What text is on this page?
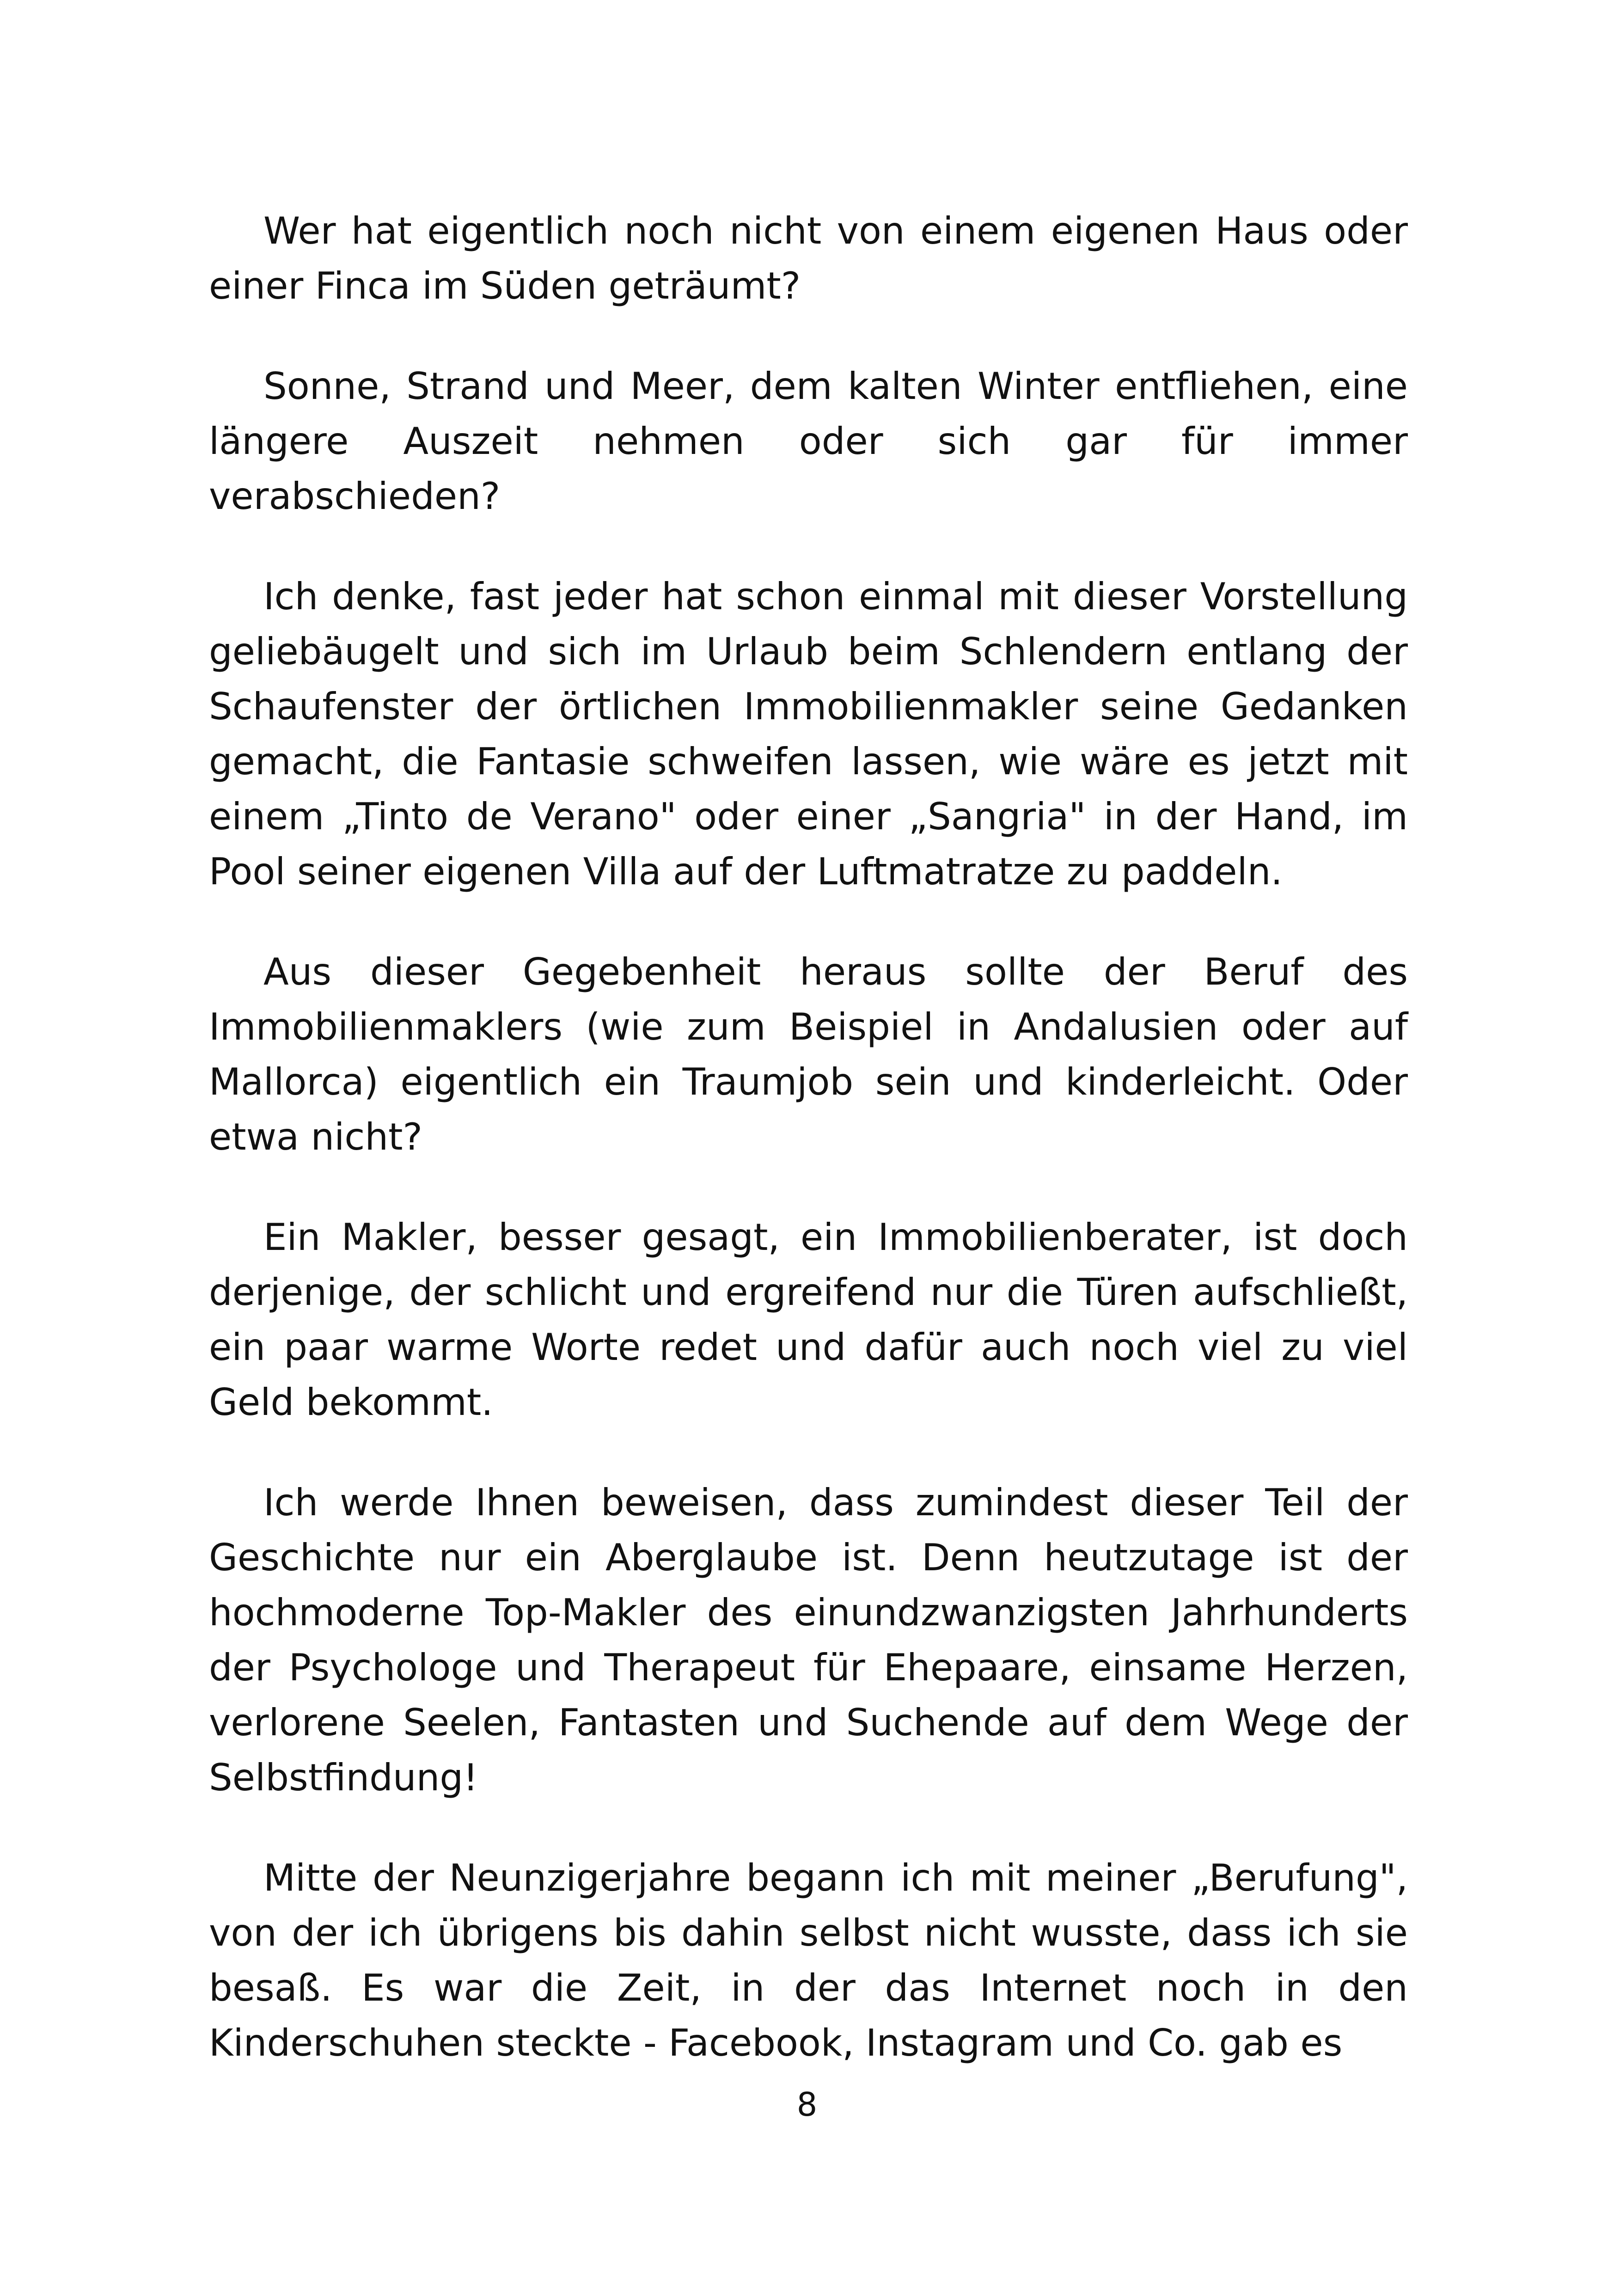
Wer hat eigentlich noch nicht von einem eigenen Haus oder einer Finca im Süden geträumt?

Sonne, Strand und Meer, dem kalten Winter entfliehen, eine längere Auszeit nehmen oder sich gar für immer verabschieden?

Ich denke, fast jeder hat schon einmal mit dieser Vorstellung geliebäugelt und sich im Urlaub beim Schlendern entlang der Schaufenster der örtlichen Immobilienmakler seine Gedanken gemacht, die Fantasie schweifen lassen, wie wäre es jetzt mit einem „Tinto de Verano" oder einer „Sangria" in der Hand, im Pool seiner eigenen Villa auf der Luftmatratze zu paddeln.

Aus dieser Gegebenheit heraus sollte der Beruf des Immobilienmaklers (wie zum Beispiel in Andalusien oder auf Mallorca) eigentlich ein Traumjob sein und kinderleicht. Oder etwa nicht?

Ein Makler, besser gesagt, ein Immobilienberater, ist doch derjenige, der schlicht und ergreifend nur die Türen aufschließt, ein paar warme Worte redet und dafür auch noch viel zu viel Geld bekommt.

Ich werde Ihnen beweisen, dass zumindest dieser Teil der Geschichte nur ein Aberglaube ist. Denn heutzutage ist der hochmoderne Top-Makler des einundzwanzigsten Jahrhunderts der Psychologe und Therapeut für Ehepaare, einsame Herzen, verlorene Seelen, Fantasten und Suchende auf dem Wege der Selbstfindung!

Mitte der Neunzigerjahre begann ich mit meiner „Berufung", von der ich übrigens bis dahin selbst nicht wusste, dass ich sie besaß. Es war die Zeit, in der das Internet noch in den Kinderschuhen steckte - Facebook, Instagram und Co. gab es

8
